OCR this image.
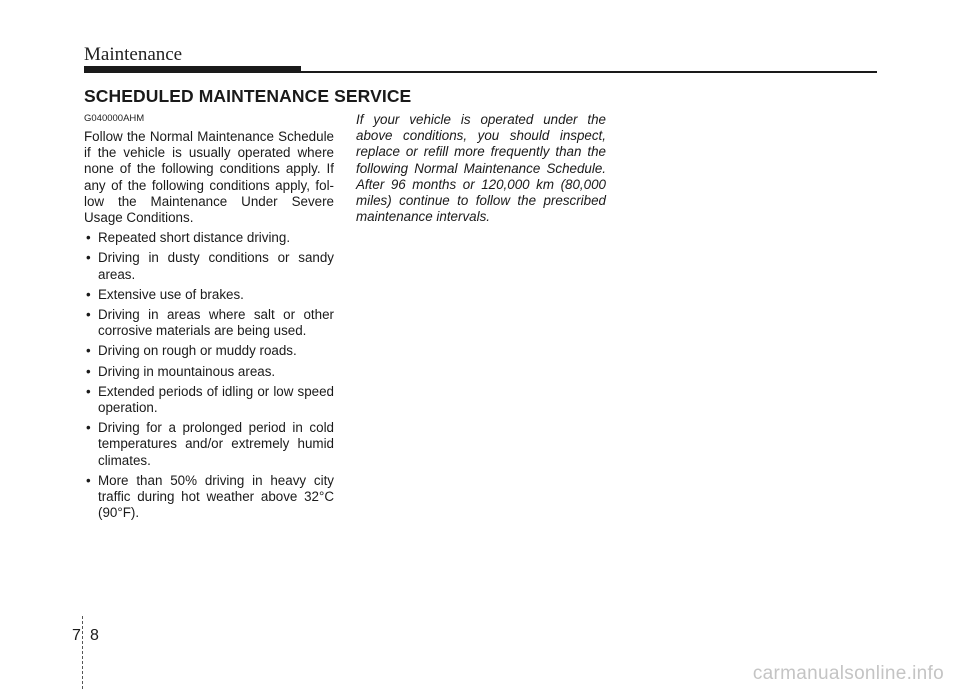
Maintenance
SCHEDULED MAINTENANCE SERVICE

G040000AHM

Follow the Normal Maintenance Schedule if the vehicle is usually operated where none of the following conditions apply. If any of the following conditions apply, fol-low the Maintenance Under Severe Usage Conditions.

• Repeated short distance driving.
• Driving in dusty conditions or sandy areas.
• Extensive use of brakes.
• Driving in areas where salt or other corrosive materials are being used.
• Driving on rough or muddy roads.
• Driving in mountainous areas.
• Extended periods of idling or low speed operation.
• Driving for a prolonged period in cold temperatures and/or extremely humid climates.
• More than 50% driving in heavy city traffic during hot weather above 32°C (90°F).

If your vehicle is operated under the above conditions, you should inspect, replace or refill more frequently than the following Normal Maintenance Schedule. After 96 months or 120,000 km (80,000 miles) continue to follow the prescribed maintenance intervals.

7 8
carmanualsonline.info
